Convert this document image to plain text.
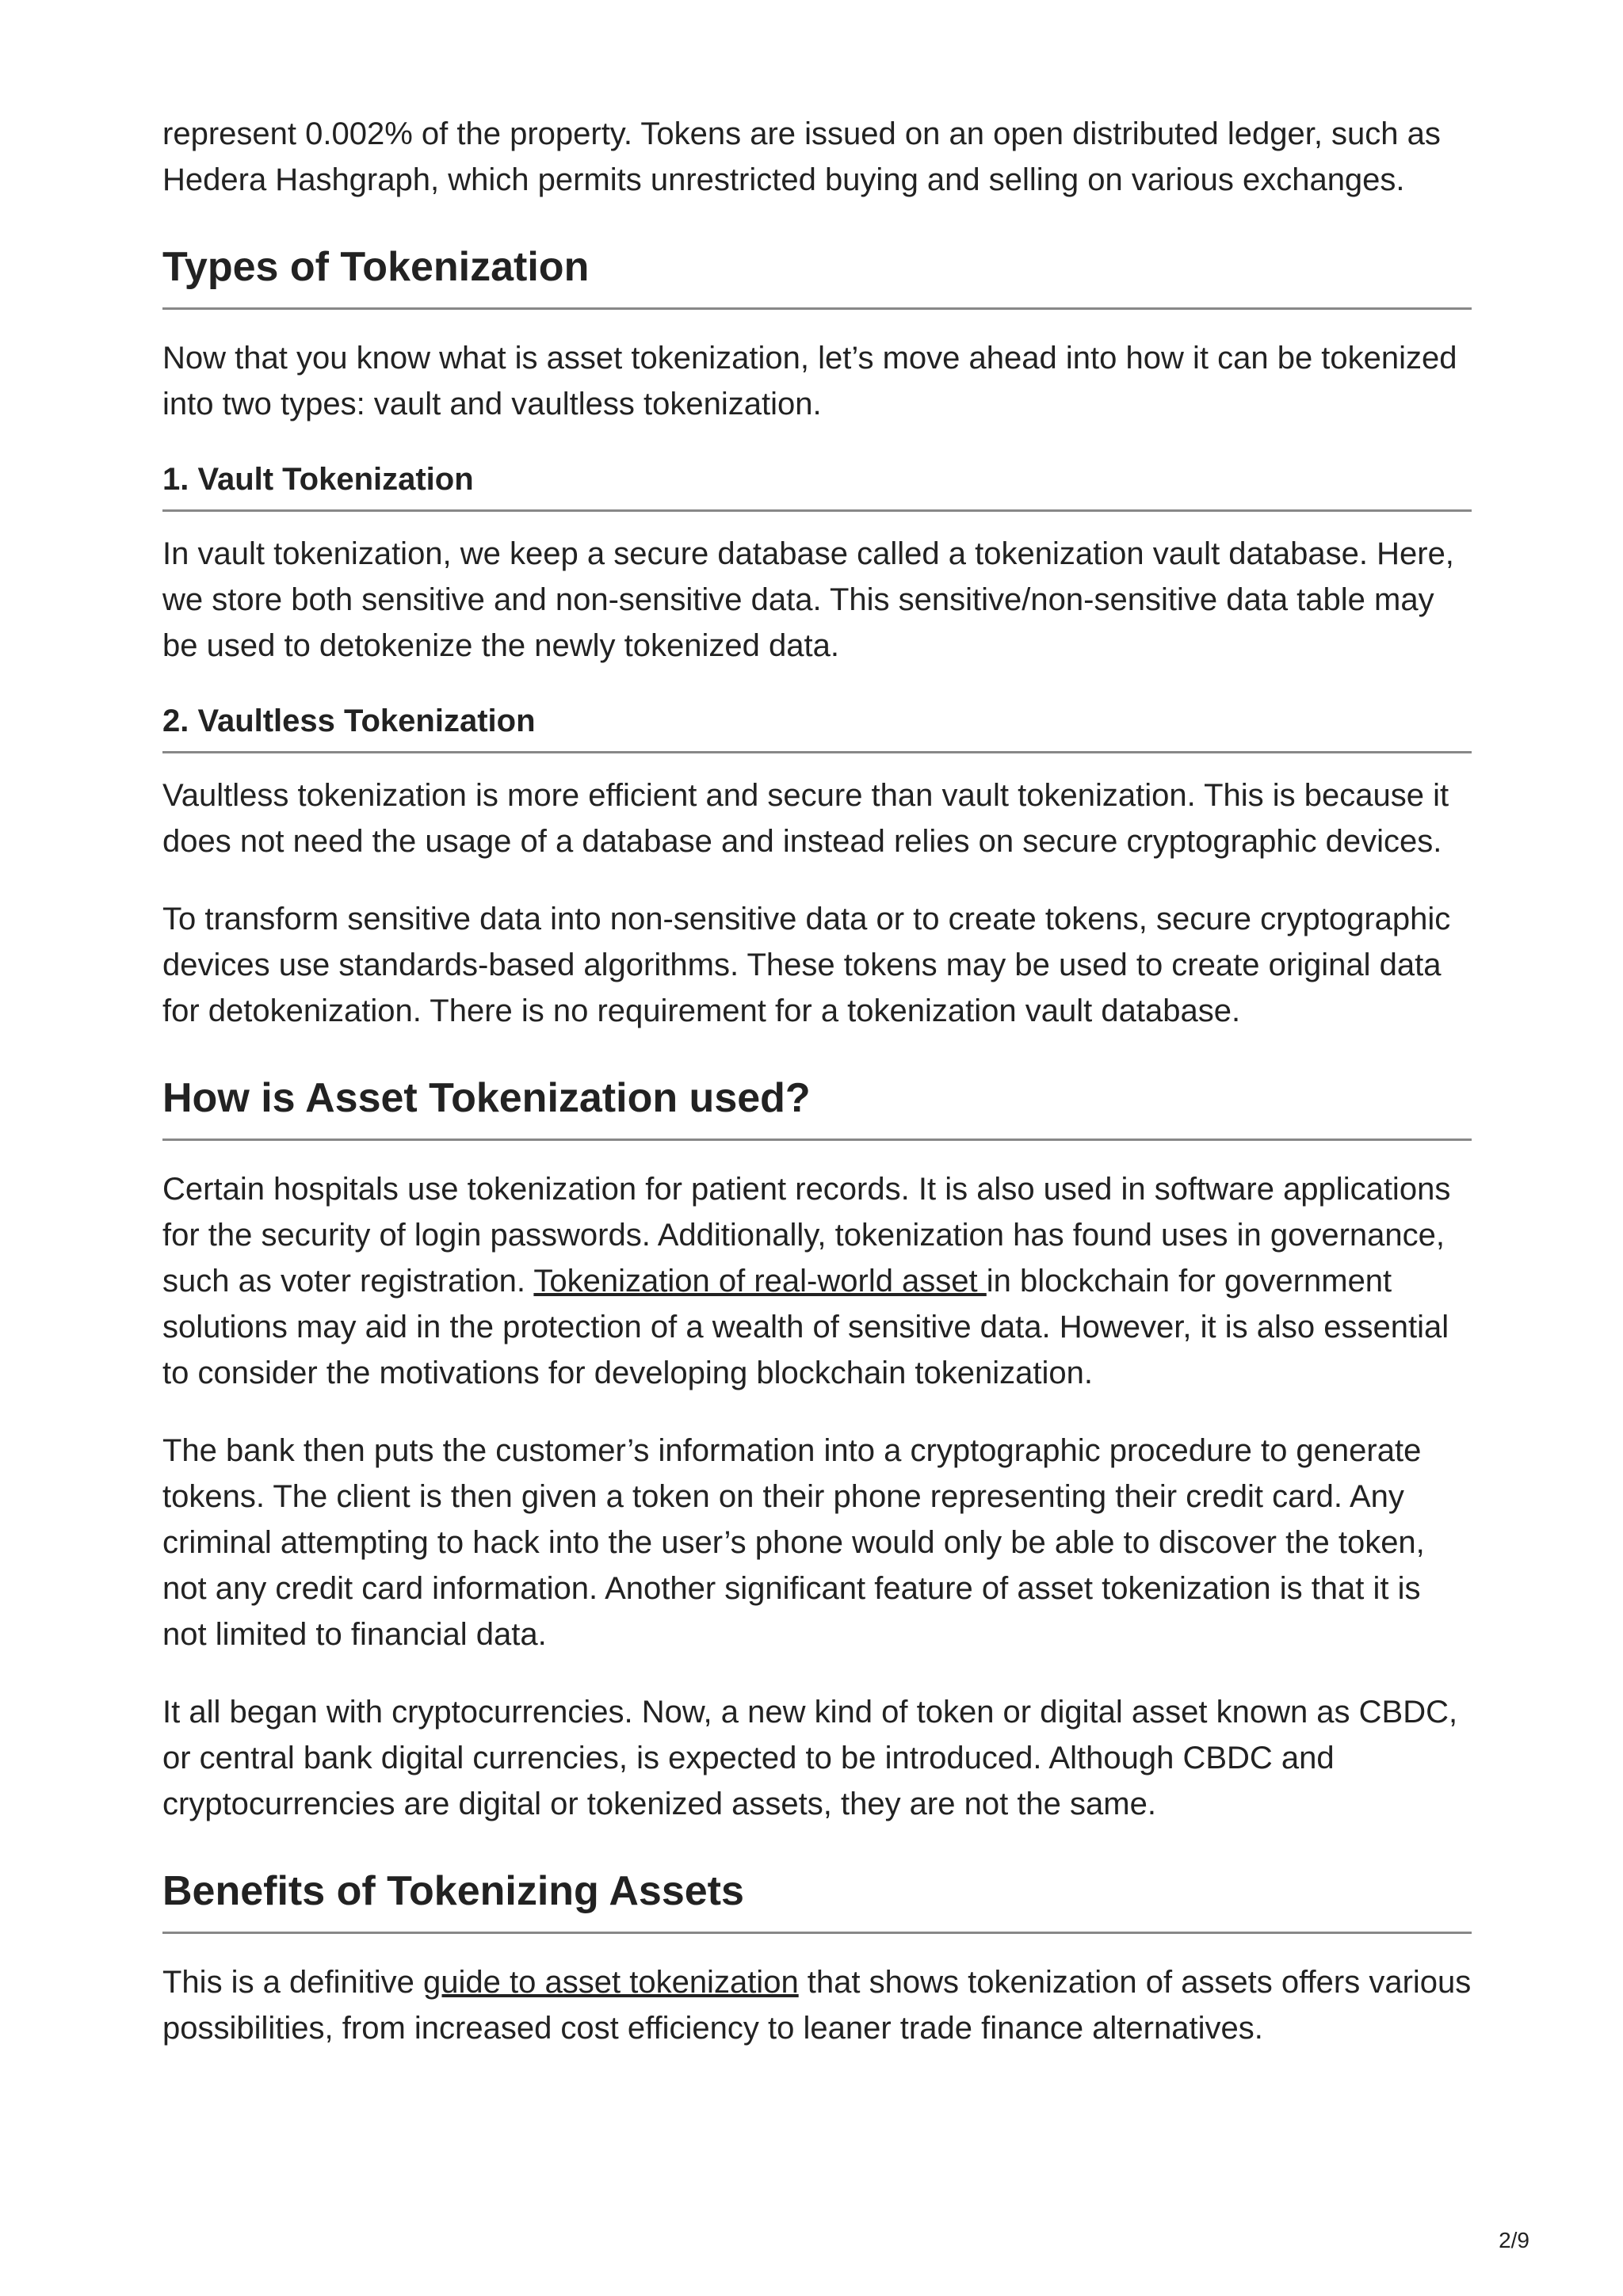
represent 0.002% of the property. Tokens are issued on an open distributed ledger, such as Hedera Hashgraph, which permits unrestricted buying and selling on various exchanges.

Types of Tokenization

Now that you know what is asset tokenization, let’s move ahead into how it can be tokenized into two types: vault and vaultless tokenization.

1. Vault Tokenization

In vault tokenization, we keep a secure database called a tokenization vault database. Here, we store both sensitive and non-sensitive data. This sensitive/non-sensitive data table may be used to detokenize the newly tokenized data.

2. Vaultless Tokenization

Vaultless tokenization is more efficient and secure than vault tokenization. This is because it does not need the usage of a database and instead relies on secure cryptographic devices.

To transform sensitive data into non-sensitive data or to create tokens, secure cryptographic devices use standards-based algorithms. These tokens may be used to create original data for detokenization. There is no requirement for a tokenization vault database.

How is Asset Tokenization used?

Certain hospitals use tokenization for patient records. It is also used in software applications for the security of login passwords. Additionally, tokenization has found uses in governance, such as voter registration. Tokenization of real-world asset in blockchain for government solutions may aid in the protection of a wealth of sensitive data. However, it is also essential to consider the motivations for developing blockchain tokenization.

The bank then puts the customer’s information into a cryptographic procedure to generate tokens. The client is then given a token on their phone representing their credit card. Any criminal attempting to hack into the user’s phone would only be able to discover the token, not any credit card information. Another significant feature of asset tokenization is that it is not limited to financial data.

It all began with cryptocurrencies. Now, a new kind of token or digital asset known as CBDC, or central bank digital currencies, is expected to be introduced. Although CBDC and cryptocurrencies are digital or tokenized assets, they are not the same.

Benefits of Tokenizing Assets

This is a definitive guide to asset tokenization that shows tokenization of assets offers various possibilities, from increased cost efficiency to leaner trade finance alternatives.

2/9
